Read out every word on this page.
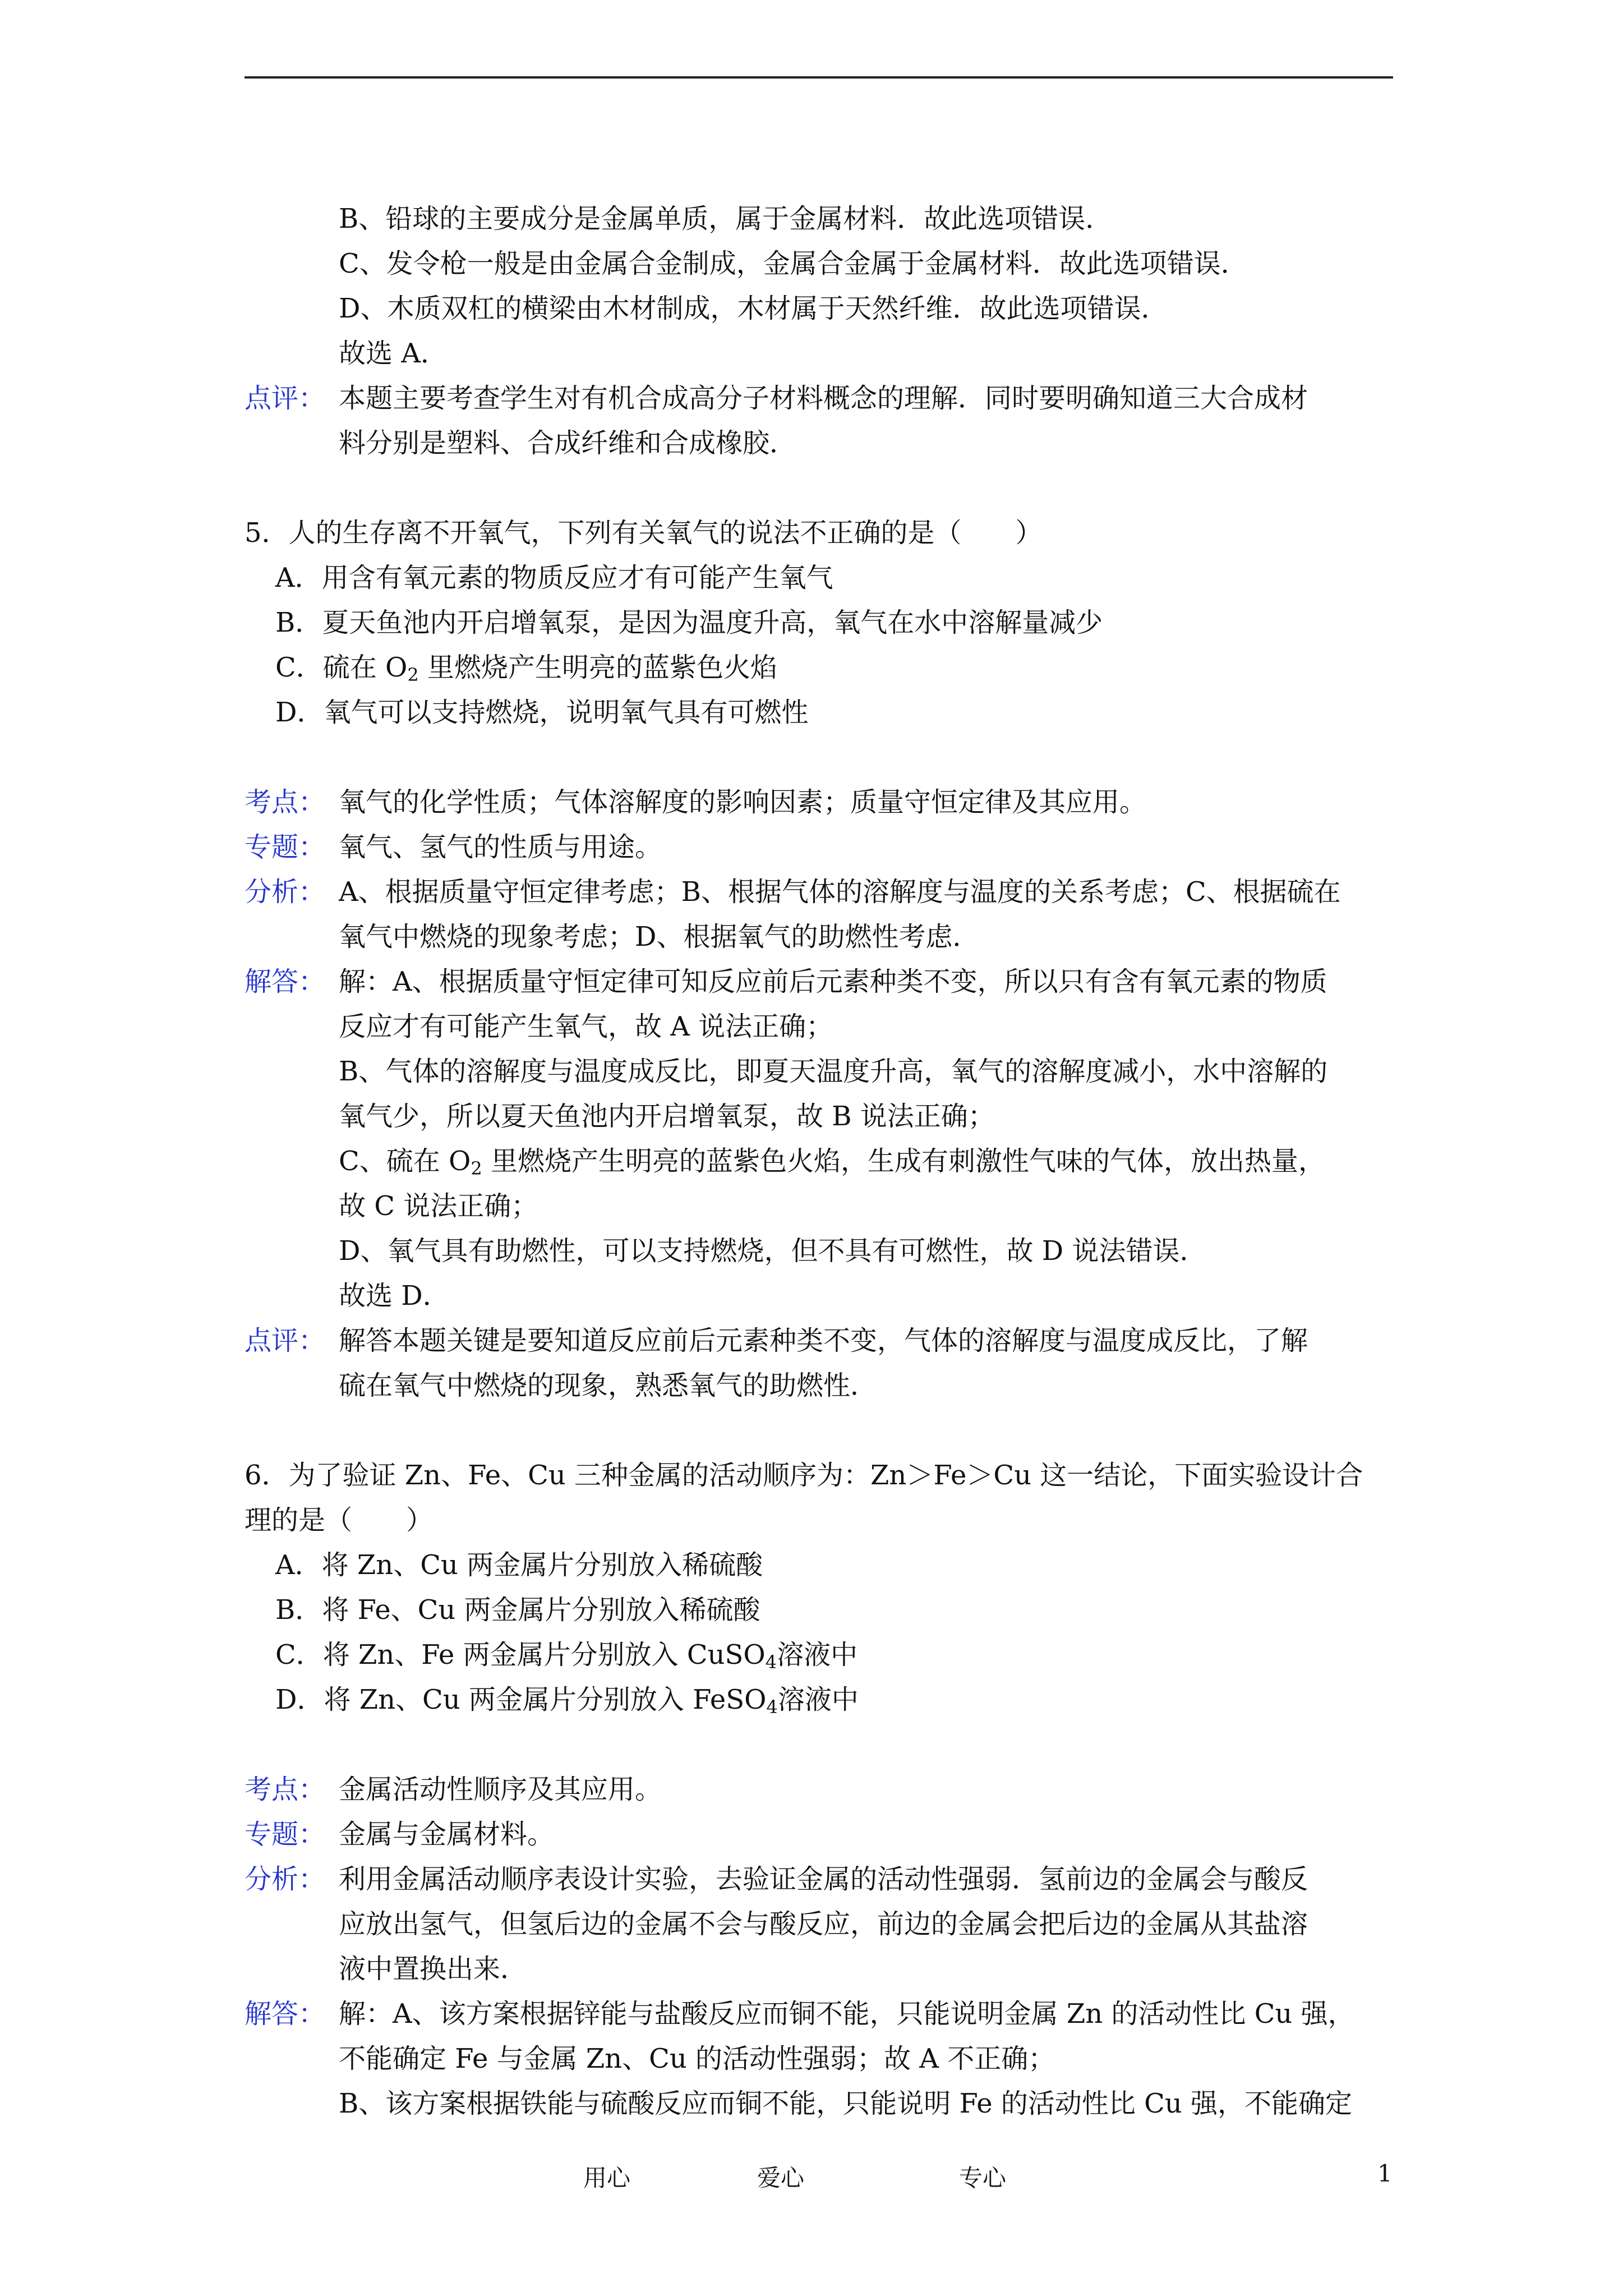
B、铅球的主要成分是金属单质，属于金属材料．故此选项错误．
C、发令枪一般是由金属合金制成，金属合金属于金属材料．故此选项错误．
D、木质双杠的横梁由木材制成，木材属于天然纤维．故此选项错误．
故选 A．
点评： 本题主要考查学生对有机合成高分子材料概念的理解．同时要明确知道三大合成材
料分别是塑料、合成纤维和合成橡胶．
5．人的生存离不开氧气，下列有关氧气的说法不正确的是（　　）
A．用含有氧元素的物质反应才有可能产生氧气
B．夏天鱼池内开启增氧泵，是因为温度升高，氧气在水中溶解量减少
C．硫在 $O_2$ 里燃烧产生明亮的蓝紫色火焰
D．氧气可以支持燃烧，说明氧气具有可燃性
考点： 氧气的化学性质；气体溶解度的影响因素；质量守恒定律及其应用。
专题： 氧气、氢气的性质与用途。
分析： A、根据质量守恒定律考虑；B、根据气体的溶解度与温度的关系考虑；C、根据硫在
氧气中燃烧的现象考虑；D、根据氧气的助燃性考虑．
解答： 解：A、根据质量守恒定律可知反应前后元素种类不变，所以只有含有氧元素的物质
反应才有可能产生氧气，故 A 说法正确；
B、气体的溶解度与温度成反比，即夏天温度升高，氧气的溶解度减小，水中溶解的
氧气少，所以夏天鱼池内开启增氧泵，故 B 说法正确；
C、硫在 $O_2$ 里燃烧产生明亮的蓝紫色火焰，生成有刺激性气味的气体，放出热量，
故 C 说法正确；
D、氧气具有助燃性，可以支持燃烧，但不具有可燃性，故 D 说法错误．
故选 D．
点评： 解答本题关键是要知道反应前后元素种类不变，气体的溶解度与温度成反比，了解
硫在氧气中燃烧的现象，熟悉氧气的助燃性．
6．为了验证 Zn、Fe、Cu 三种金属的活动顺序为：Zn＞Fe＞Cu 这一结论，下面实验设计合
理的是（　　）
A．将 Zn、Cu 两金属片分别放入稀硫酸
B．将 Fe、Cu 两金属片分别放入稀硫酸
C．将 Zn、Fe 两金属片分别放入 CuSO$_4$溶液中
D．将 Zn、Cu 两金属片分别放入 FeSO$_4$溶液中
考点： 金属活动性顺序及其应用。
专题： 金属与金属材料。
分析： 利用金属活动顺序表设计实验，去验证金属的活动性强弱．氢前边的金属会与酸反
应放出氢气，但氢后边的金属不会与酸反应，前边的金属会把后边的金属从其盐溶
液中置换出来．
解答： 解：A、该方案根据锌能与盐酸反应而铜不能，只能说明金属 Zn 的活动性比 Cu 强，
不能确定 Fe 与金属 Zn、Cu 的活动性强弱；故 A 不正确；
B、该方案根据铁能与硫酸反应而铜不能，只能说明 Fe 的活动性比 Cu 强，不能确定
用心	爱心	专心	1
